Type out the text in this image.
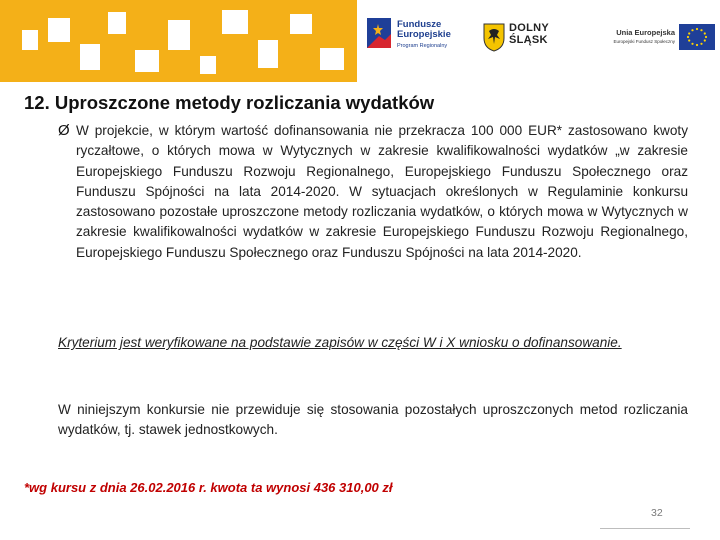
Fundusze
Europejskie
Program Regionalny
DOLNY
ŚLĄSK
Unia Europejska
Europejski Fundusz Społeczny
12. Uproszczone metody rozliczania wydatków
Ø W projekcie, w którym wartość dofinansowania nie przekracza 100 000 EUR* zastosowano kwoty ryczałtowe, o których mowa w Wytycznych w zakresie kwalifikowalności wydatków „w zakresie Europejskiego Funduszu Rozwoju Regionalnego, Europejskiego Funduszu Społecznego oraz Funduszu Spójności na lata 2014-2020. W sytuacjach określonych w Regulaminie konkursu zastosowano pozostałe uproszczone metody rozliczania wydatków, o których mowa w Wytycznych w zakresie kwalifikowalności wydatków w zakresie Europejskiego Funduszu Rozwoju Regionalnego, Europejskiego Funduszu Społecznego oraz Funduszu Spójności na lata 2014-2020.
Kryterium jest weryfikowane na podstawie zapisów w części W i X wniosku o dofinansowanie.
W niniejszym konkursie nie przewiduje się stosowania pozostałych uproszczonych metod rozliczania wydatków, tj. stawek jednostkowych.
*wg kursu z dnia 26.02.2016 r. kwota ta wynosi 436 310,00 zł
32
